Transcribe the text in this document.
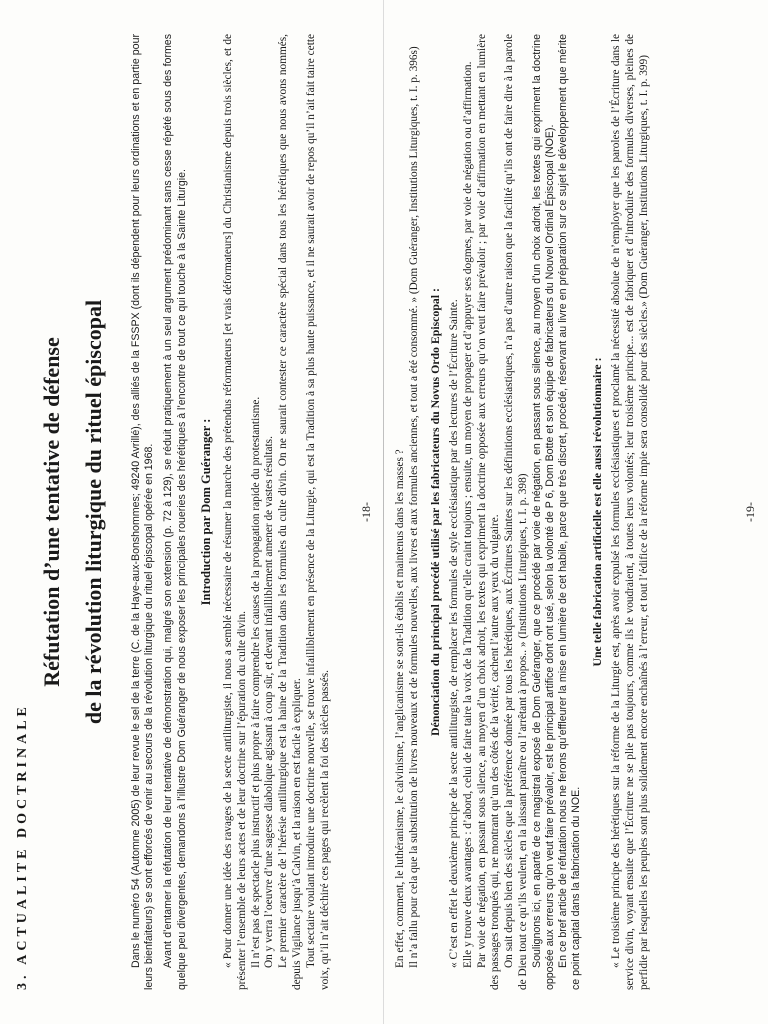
3. ACTUALITE DOCTRINALE
Réfutation d’une tentative de défense de la révolution liturgique du rituel épiscopal Dans le numéro 54 (Automne 2005) de leur revue le sel de la terre (C. de la Haye-aux-Bonshommes; 49240 Avrillé), des alliés de la FSSPX (dont ils dépendent pour leurs ordinations et en partie pour leurs bienfaiteurs) se sont efforcés de venir au secours de la révolution liturgique du rituel épiscopal opérée en 1968. Avant d’entamer la réfutation de leur tentative de démonstration qui, malgré son extension (p. 72 à 129), se réduit pratiquement à un seul argument prédominant sans cesse répété sous des formes quelque peu divergentes, demandons à l’illustre Dom Guéranger de nous exposer les principales roueries des hérétiques à l’encontre de tout ce qui touche à la Sainte Liturgie. Introduction par Dom Guéranger : « Pour donner une idée des ravages de la secte antiliturgiste, il nous a semblé nécessaire de résumer la marche des prétendus réformateurs [et vrais déformateurs] du Christianisme depuis trois siècles, et de présenter l’ensemble de leurs actes et de leur doctrine sur l’épuration du culte divin. Il n’est pas de spectacle plus instructif et plus propre à faire comprendre les causes de la propagation rapide du protestantisme. On y verra l’oeuvre d’une sagesse diabolique agissant à coup sûr, et devant infailliblement amener de vastes résultats. Le premier caractère de l’hérésie antiliturgique est la haine de la Tradition dans les formules du culte divin. On ne saurait contester ce caractère spécial dans tous les hérétiques que nous avons nommés, depuis Vigilance jusqu’à Calvin, et la raison en est facile à expliquer. Tout sectaire voulant introduire une doctrine nouvelle, se trouve infailliblement en présence de la Liturgie, qui est la Tradition à sa plus haute puissance, et il ne saurait avoir de repos qu’il n’ait fait taire cette voix, qu’il n’ait déchiré ces pages qui recèlent la foi des siècles passés.

-18- En effet, comment, le luthéranisme, le calvinisme, l’anglicanisme se sont-ils établis et maintenus dans les masses ? Il n’a fallu pour cela que la substitution de livres nouveaux et de formules nouvelles, aux livres et aux formules anciennes, et tout a été consommé. » (Dom Guéranger, Institutions Liturgiques, t. I. p. 396s) Dénonciation du principal procédé utilisé par les fabricateurs du Novus Ordo Episcopal : « C’est en effet le deuxième principe de la secte antiliturgiste, de remplacer les formules de style ecclésiastique par des lectures de l’Écriture Sainte. Elle y trouve deux avantages : d’abord, celui de faire taire la voix de la Tradition qu’elle craint toujours ; ensuite, un moyen de propager et d’appuyer ses dogmes, par voie de négation ou d’affirmation. Par voie de négation, en passant sous silence, au moyen d’un choix adroit, les textes qui expriment la doctrine opposée aux erreurs qu’on veut faire prévaloir ; par voie d’affirmation en mettant en lumière des passages tronqués qui, ne montrant qu’un des côtés de la vérité, cachent l’autre aux yeux du vulgaire. On sait depuis bien des siècles que la préférence donnée par tous les hérétiques, aux Écritures Saintes sur les définitions ecclésiastiques, n’a pas d’autre raison que la facilité qu’ils ont de faire dire à la parole de Dieu tout ce qu’ils veulent, en la laissant paraître ou l’arrêtant à propos.. » (Institutions Liturgiques, t. I. p. 398) Soulignons ici, en aparté de ce magistral exposé de Dom Guéranger, que ce procédé par voie de négation, en passant sous silence, au moyen d’un choix adroit, les textes qui expriment la doctrine opposée aux erreurs qu’on veut faire prévaloir, est le principal artifice dont ont usé, selon la volonté de P 6, Dom Botte et son équipe de fabricateurs du Nouvel Ordinal Épiscopal (NOE). En ce bref article de réfutation nous ne ferons qu’effleurer la mise en lumière de cet habile, parce que très discret, procédé, réservant au livre en préparation sur ce sujet le développement que mérite ce point capital dans la fabrication du NOE.

Une telle fabrication artificielle est elle aussi révolutionnaire : « Le troisième principe des hérétiques sur la réforme de la Liturgie est, après avoir expulsé les formules ecclésiastiques et proclamé la nécessité absolue de n’employer que les paroles de l’Écriture dans le service divin, voyant ensuite que l’Écriture ne se plie pas toujours, comme ils le voudraient, à toutes leurs volontés; leur troisième principe... est de fabriquer et d’introduire des formules diverses, pleines de perfidie par lesquelles les peuples sont plus solidement encore enchaînés à l’erreur, et tout l’édifice de la réforme impie sera consolidé pour des siècles.» (Dom Guéranger, Institutions Liturgiques, t. I. p. 399)	-19-
